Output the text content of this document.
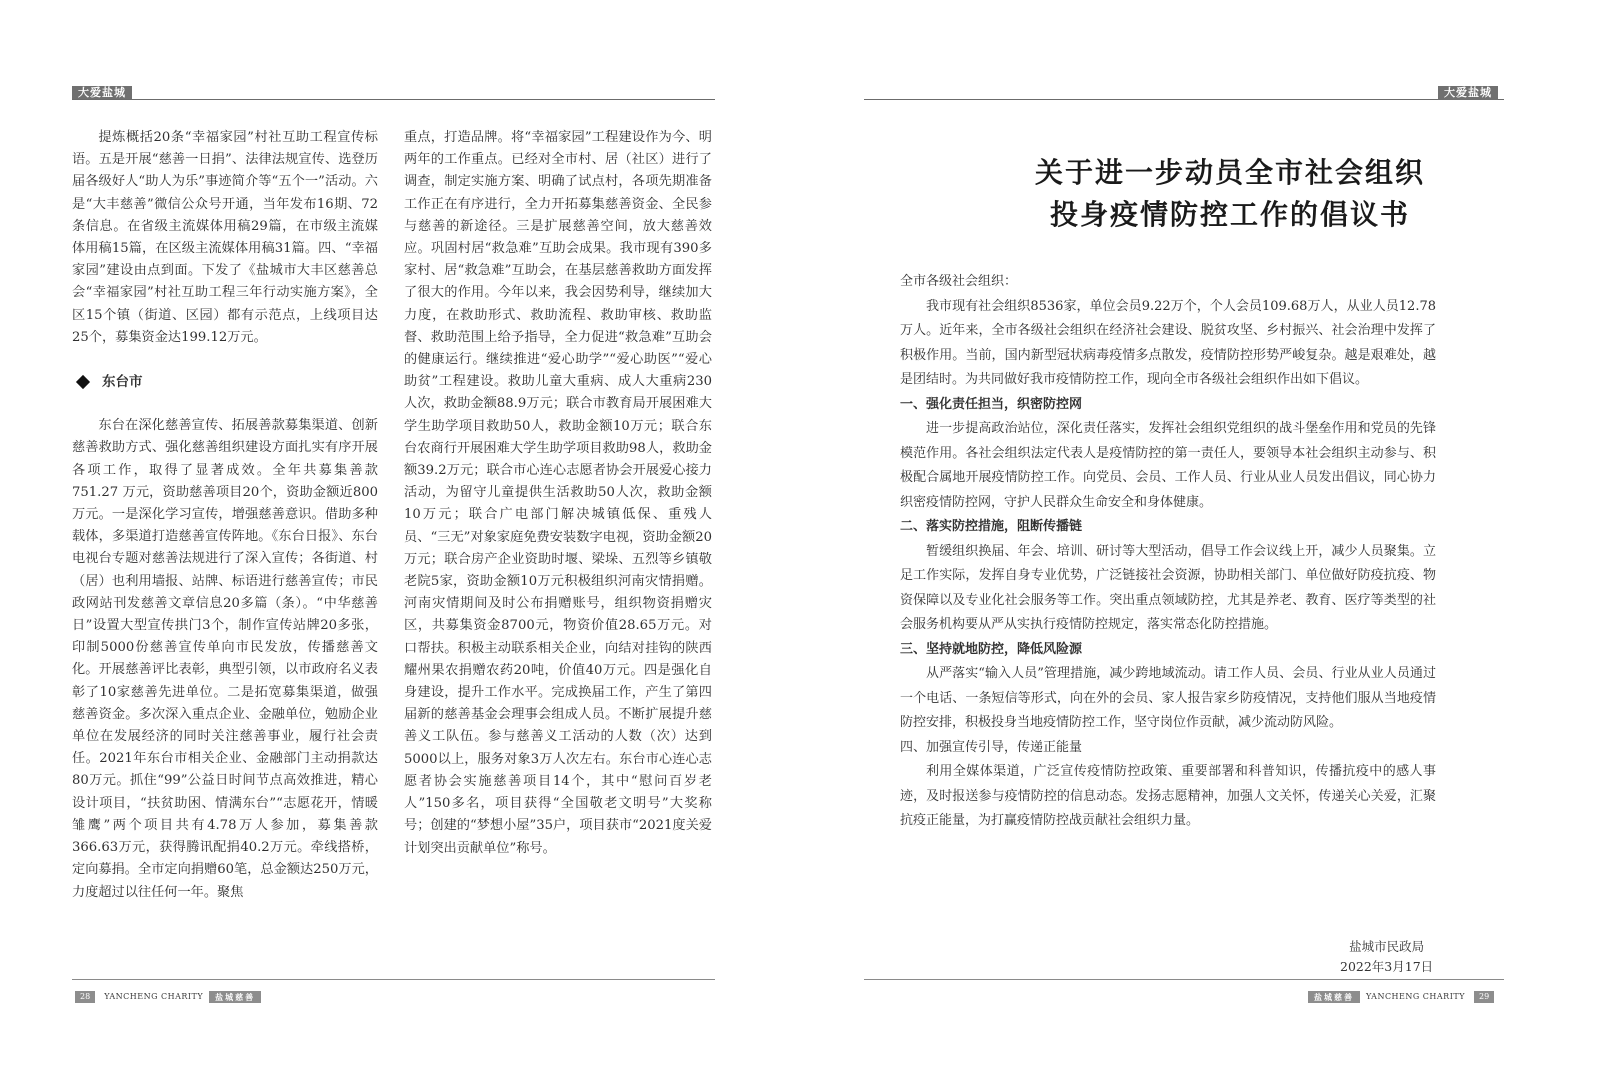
大爱盐城

提炼概括20条“幸福家园”村社互助工程宣传标语。五是开展“慈善一日捐”、法律法规宣传、选登历届各级好人“助人为乐”事迹简介等“五个一”活动。六是“大丰慈善”微信公众号开通，当年发布16期、72条信息。在省级主流媒体用稿29篇，在市级主流媒体用稿15篇，在区级主流媒体用稿31篇。四、“幸福家园”建设由点到面。下发了《盐城市大丰区慈善总会“幸福家园”村社互助工程三年行动实施方案》，全区15个镇（街道、区园）都有示范点，上线项目达25个，募集资金达199.12万元。

东台市

东台在深化慈善宣传、拓展善款募集渠道、创新慈善救助方式、强化慈善组织建设方面扎实有序开展各项工作，取得了显著成效。全年共募集善款751.27 万元，资助慈善项目20个，资助金额近800万元。一是深化学习宣传，增强慈善意识。借助多种载体，多渠道打造慈善宣传阵地。《东台日报》、东台电视台专题对慈善法规进行了深入宣传；各街道、村（居）也利用墙报、站牌、标语进行慈善宣传；市民政网站刊发慈善文章信息20多篇（条）。“中华慈善日”设置大型宣传拱门3个，制作宣传站牌20多张，印制5000份慈善宣传单向市民发放，传播慈善文化。开展慈善评比表彰，典型引领，以市政府名义表彰了10家慈善先进单位。二是拓宽募集渠道，做强慈善资金。多次深入重点企业、金融单位，勉励企业单位在发展经济的同时关注慈善事业，履行社会责任。2021年东台市相关企业、金融部门主动捐款达80万元。抓住“99”公益日时间节点高效推进，精心设计项目，“扶贫助困、情满东台”“志愿花开，情暖雏鹰”两个项目共有4.78万人参加，募集善款366.63万元，获得腾讯配捐40.2万元。牵线搭桥，定向募捐。全市定向捐赠60笔，总金额达250万元，力度超过以往任何一年。聚焦

重点，打造品牌。将“幸福家园”工程建设作为今、明两年的工作重点。已经对全市村、居（社区）进行了调查，制定实施方案、明确了试点村，各项先期准备工作正在有序进行，全力开拓募集慈善资金、全民参与慈善的新途径。三是扩展慈善空间，放大慈善效应。巩固村居“救急难”互助会成果。我市现有390多家村、居“救急难”互助会，在基层慈善救助方面发挥了很大的作用。今年以来，我会因势利导，继续加大力度，在救助形式、救助流程、救助审核、救助监督、救助范围上给予指导，全力促进“救急难”互助会的健康运行。继续推进“爱心助学”“爱心助医”“爱心助贫”工程建设。救助儿童大重病、成人大重病230人次，救助金额88.9万元；联合市教育局开展困难大学生助学项目救助50人，救助金额10万元；联合东台农商行开展困难大学生助学项目救助98人，救助金额39.2万元；联合市心连心志愿者协会开展爱心接力活动，为留守儿童提供生活救助50人次，救助金额10万元；联合广电部门解决城镇低保、重残人员、“三无”对象家庭免费安装数字电视，资助金额20万元；联合房产企业资助时堰、梁垛、五烈等乡镇敬老院5家，资助金额10万元积极组织河南灾情捐赠。河南灾情期间及时公布捐赠账号，组织物资捐赠灾区，共募集资金8700元，物资价值28.65万元。对口帮扶。积极主动联系相关企业，向结对挂钩的陕西耀州果农捐赠农药20吨，价值40万元。四是强化自身建设，提升工作水平。完成换届工作，产生了第四届新的慈善基金会理事会组成人员。不断扩展提升慈善义工队伍。参与慈善义工活动的人数（次）达到5000以上，服务对象3万人次左右。东台市心连心志愿者协会实施慈善项目14个，其中“慰问百岁老人”150多名，项目获得“全国敬老文明号”大奖称号；创建的“梦想小屋”35户，项目获市“2021度关爱计划突出贡献单位”称号。

28	YANCHENG CHARITY	盐城慈善
大爱盐城
关于进一步动员全市社会组织
投身疫情防控工作的倡议书

全市各级社会组织：

我市现有社会组织8536家，单位会员9.22万个，个人会员109.68万人，从业人员12.78万人。近年来，全市各级社会组织在经济社会建设、脱贫攻坚、乡村振兴、社会治理中发挥了积极作用。当前，国内新型冠状病毒疫情多点散发，疫情防控形势严峻复杂。越是艰难处，越是团结时。为共同做好我市疫情防控工作，现向全市各级社会组织作出如下倡议。

一、强化责任担当，织密防控网

进一步提高政治站位，深化责任落实，发挥社会组织党组织的战斗堡垒作用和党员的先锋模范作用。各社会组织法定代表人是疫情防控的第一责任人，要领导本社会组织主动参与、积极配合属地开展疫情防控工作。向党员、会员、工作人员、行业从业人员发出倡议，同心协力织密疫情防控网，守护人民群众生命安全和身体健康。

二、落实防控措施，阻断传播链

暂缓组织换届、年会、培训、研讨等大型活动，倡导工作会议线上开，减少人员聚集。立足工作实际，发挥自身专业优势，广泛链接社会资源，协助相关部门、单位做好防疫抗疫、物资保障以及专业化社会服务等工作。突出重点领域防控，尤其是养老、教育、医疗等类型的社会服务机构要从严从实执行疫情防控规定，落实常态化防控措施。

三、坚持就地防控，降低风险源

从严落实“输入人员”管理措施，减少跨地域流动。请工作人员、会员、行业从业人员通过一个电话、一条短信等形式，向在外的会员、家人报告家乡防疫情况，支持他们服从当地疫情防控安排，积极投身当地疫情防控工作，坚守岗位作贡献，减少流动防风险。

四、加强宣传引导，传递正能量

利用全媒体渠道，广泛宣传疫情防控政策、重要部署和科普知识，传播抗疫中的感人事迹，及时报送参与疫情防控的信息动态。发扬志愿精神，加强人文关怀，传递关心关爱，汇聚抗疫正能量，为打赢疫情防控战贡献社会组织力量。

盐城市民政局
2022年3月17日
盐城慈善	YANCHENG CHARITY	29
